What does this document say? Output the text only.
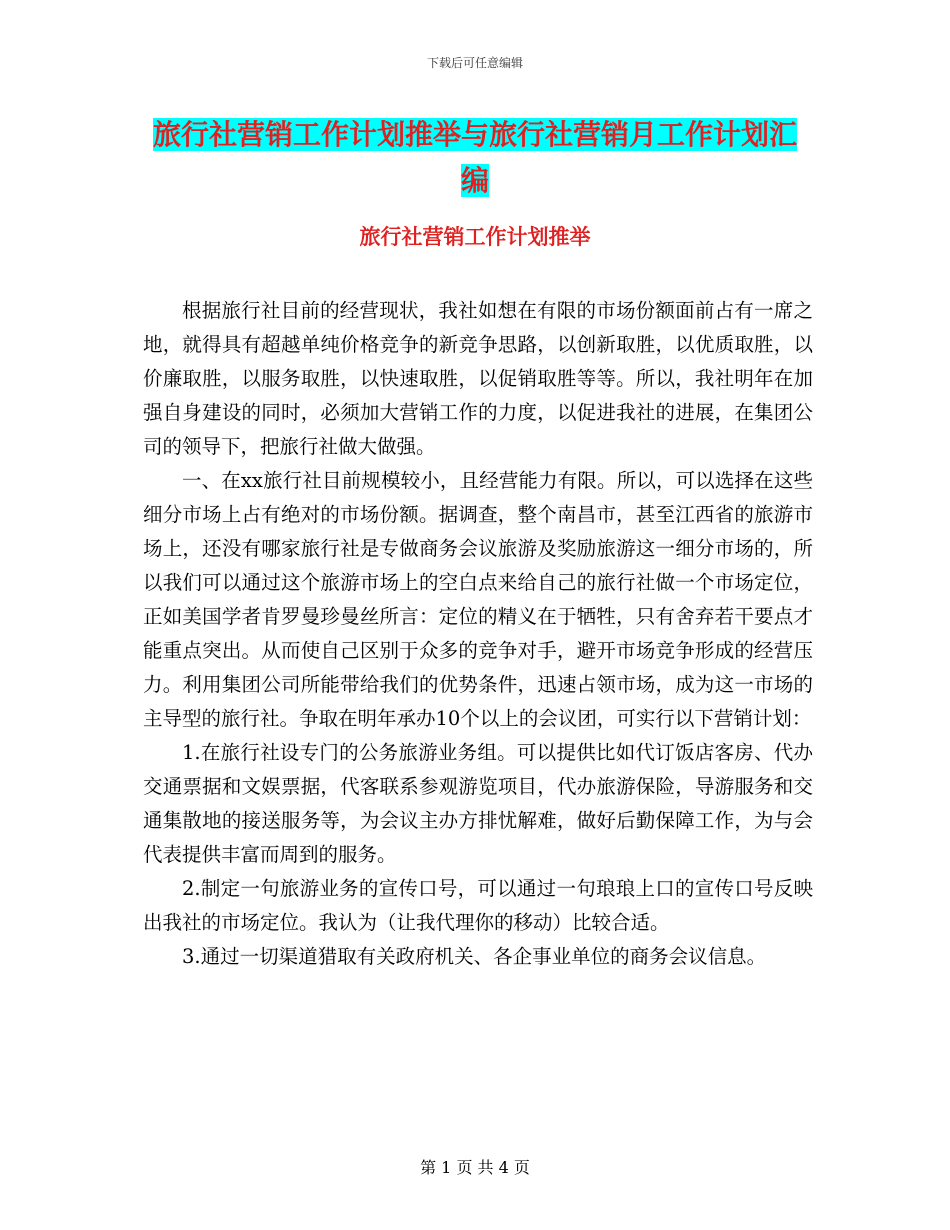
下载后可任意编辑
旅行社营销工作计划推举与旅行社营销月工作计划汇
编
旅行社营销工作计划推举

根据旅行社目前的经营现状，我社如想在有限的市场份额面前占有一席之地，就得具有超越单纯价格竞争的新竞争思路，以创新取胜，以优质取胜，以价廉取胜，以服务取胜，以快速取胜，以促销取胜等等。所以，我社明年在加强自身建设的同时，必须加大营销工作的力度，以促进我社的进展，在集团公司的领导下，把旅行社做大做强。

一、在xx旅行社目前规模较小，且经营能力有限。所以，可以选择在这些细分市场上占有绝对的市场份额。据调查，整个南昌市，甚至江西省的旅游市场上，还没有哪家旅行社是专做商务会议旅游及奖励旅游这一细分市场的，所以我们可以通过这个旅游市场上的空白点来给自己的旅行社做一个市场定位，正如美国学者肯罗曼珍曼丝所言：定位的精义在于牺牲，只有舍弃若干要点才能重点突出。从而使自己区别于众多的竞争对手，避开市场竞争形成的经营压力。利用集团公司所能带给我们的优势条件，迅速占领市场，成为这一市场的主导型的旅行社。争取在明年承办10个以上的会议团，可实行以下营销计划：

1.在旅行社设专门的公务旅游业务组。可以提供比如代订饭店客房、代办交通票据和文娱票据，代客联系参观游览项目，代办旅游保险，导游服务和交通集散地的接送服务等，为会议主办方排忧解难，做好后勤保障工作，为与会代表提供丰富而周到的服务。

2.制定一句旅游业务的宣传口号，可以通过一句琅琅上口的宣传口号反映出我社的市场定位。我认为（让我代理你的移动）比较合适。

3.通过一切渠道猎取有关政府机关、各企事业单位的商务会议信息。

第 1 页 共 4 页
